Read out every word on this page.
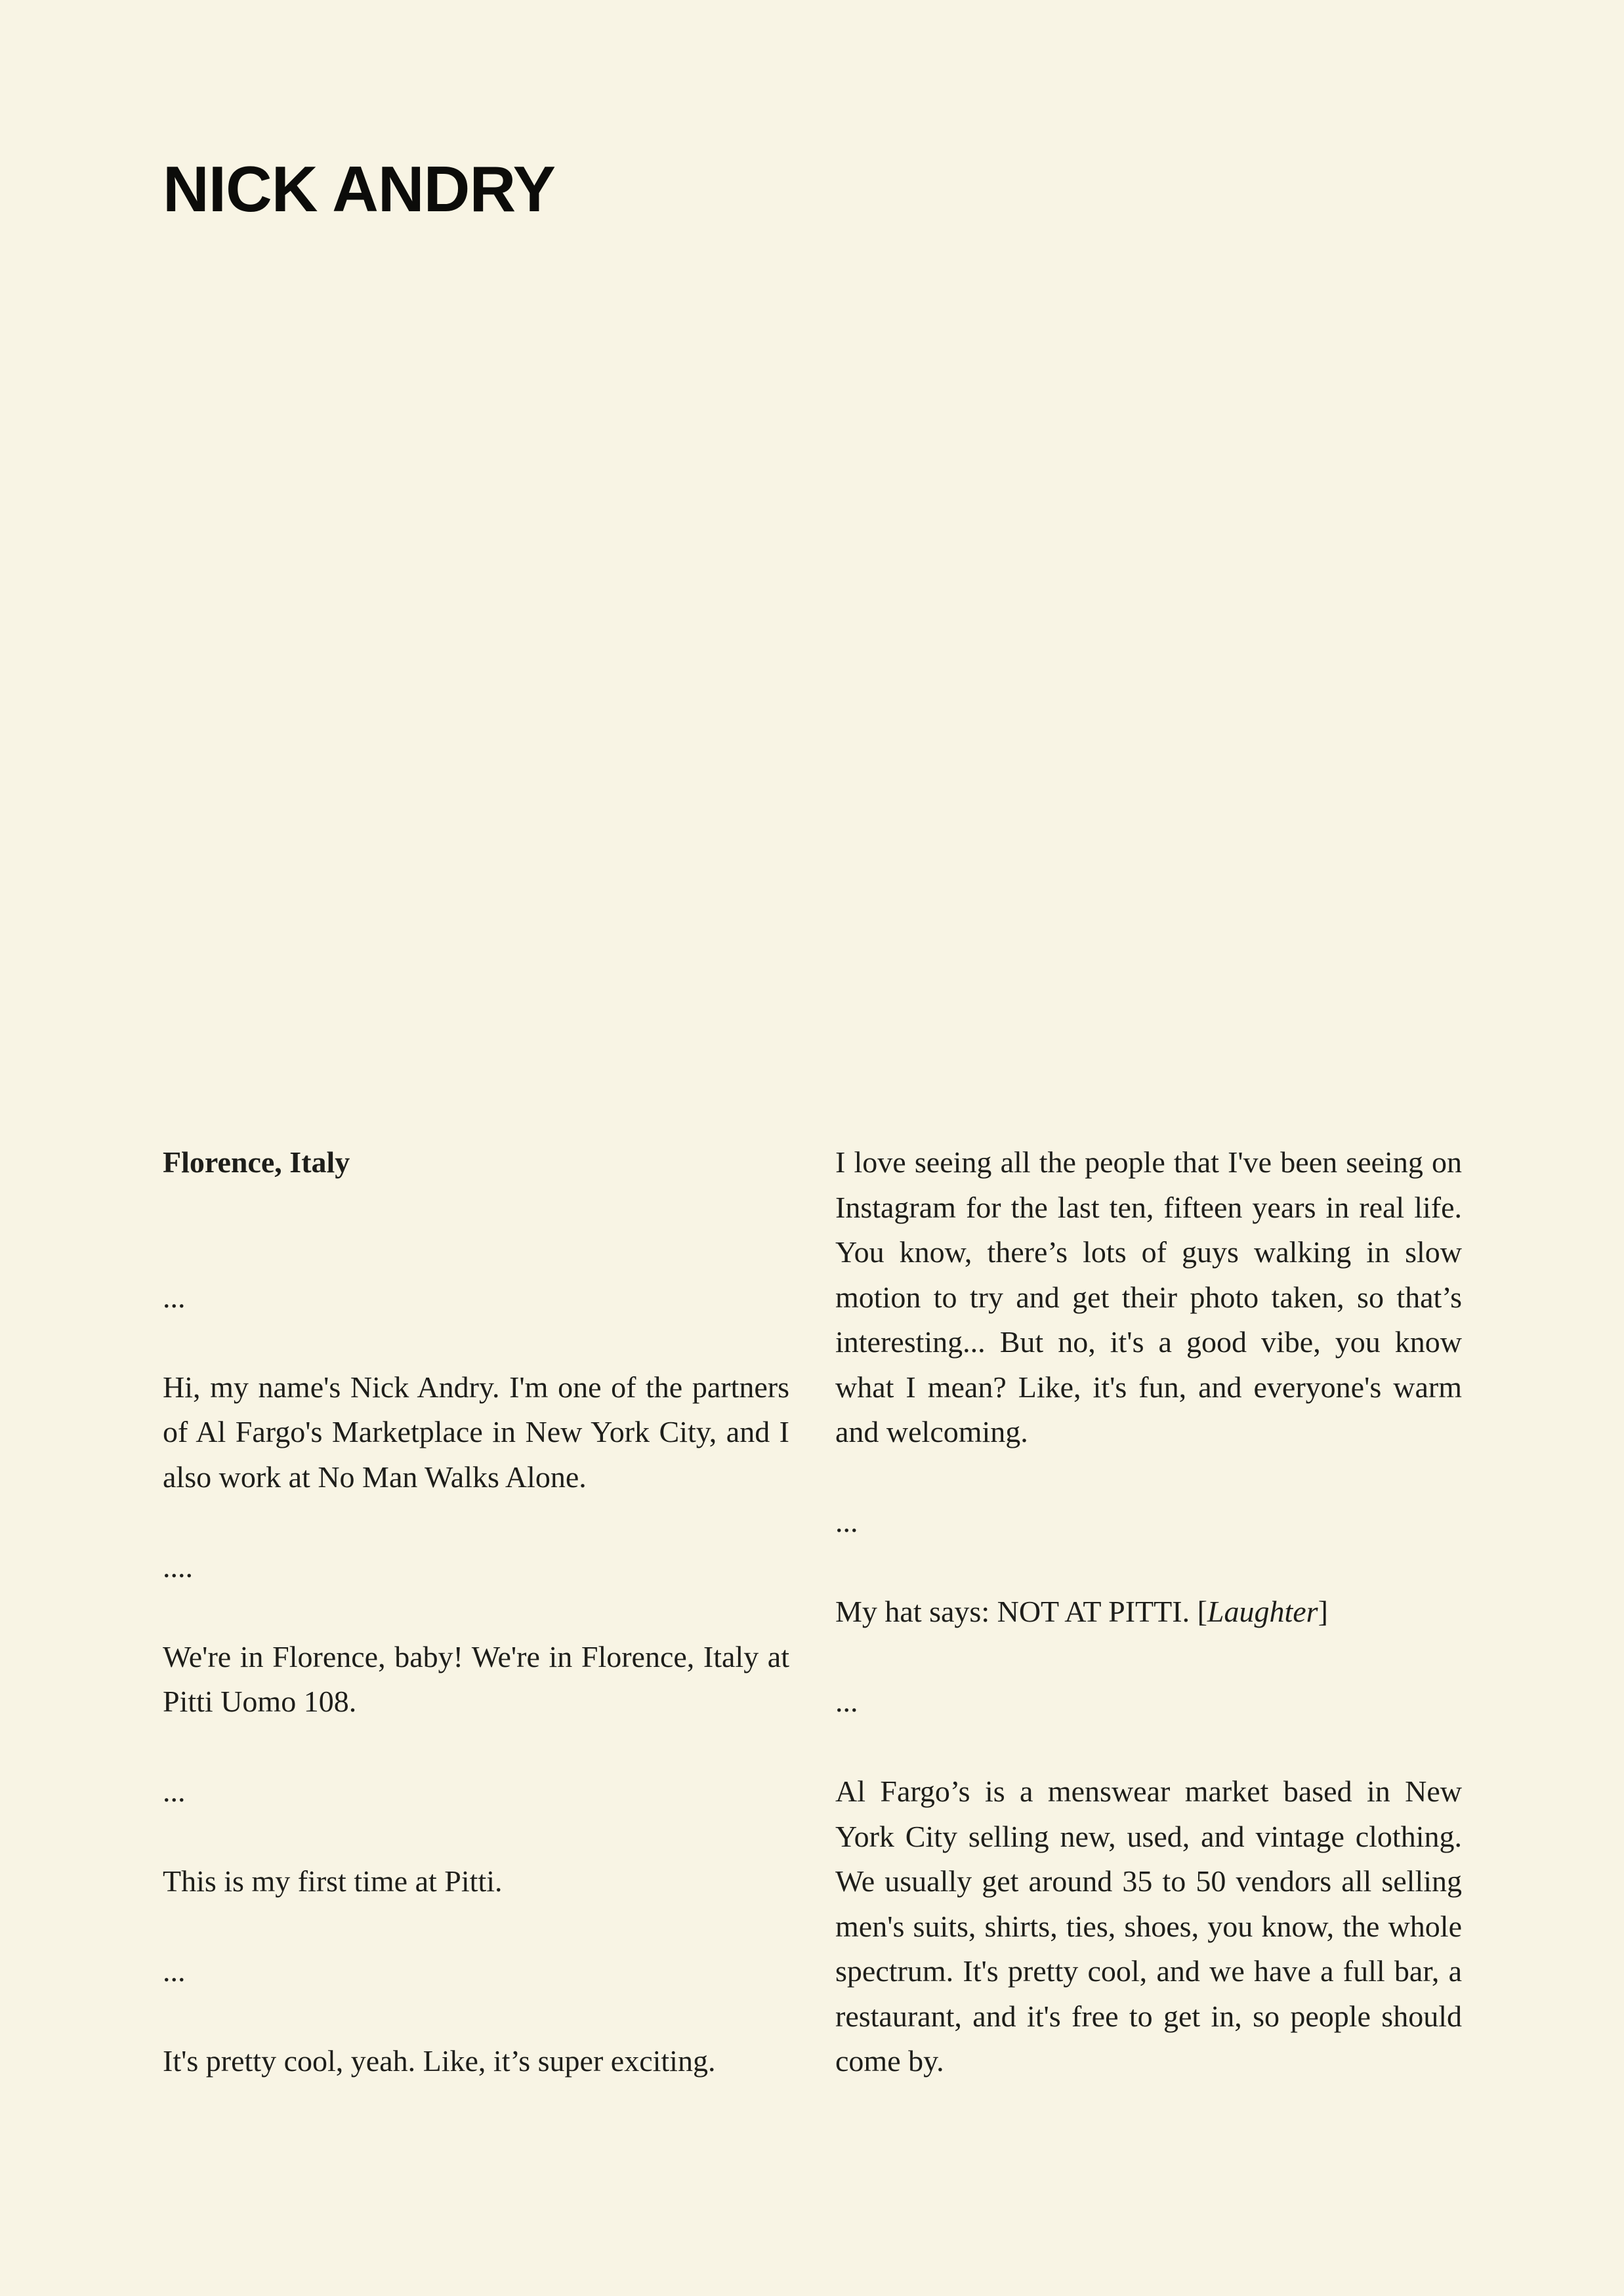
NICK ANDRY

Florence, Italy

...

Hi, my name's Nick Andry. I'm one of the partners of Al Fargo's Marketplace in New York City, and I also work at No Man Walks Alone.

....

We're in Florence, baby! We're in Florence, Italy at Pitti Uomo 108.

...

This is my first time at Pitti.

...

It's pretty cool, yeah. Like, it’s super exciting.

I love seeing all the people that I've been seeing on Instagram for the last ten, fifteen years in real life. You know, there’s lots of guys walking in slow motion to try and get their photo taken, so that’s interesting... But no, it's a good vibe, you know what I mean? Like, it's fun, and everyone's warm and welcoming.

...

My hat says: NOT AT PITTI. [Laughter]

...

Al Fargo’s is a menswear market based in New York City selling new, used, and vintage clothing. We usually get around 35 to 50 vendors all selling men's suits, shirts, ties, shoes, you know, the whole spectrum. It's pretty cool, and we have a full bar, a restaurant, and it's free to get in, so people should come by.
